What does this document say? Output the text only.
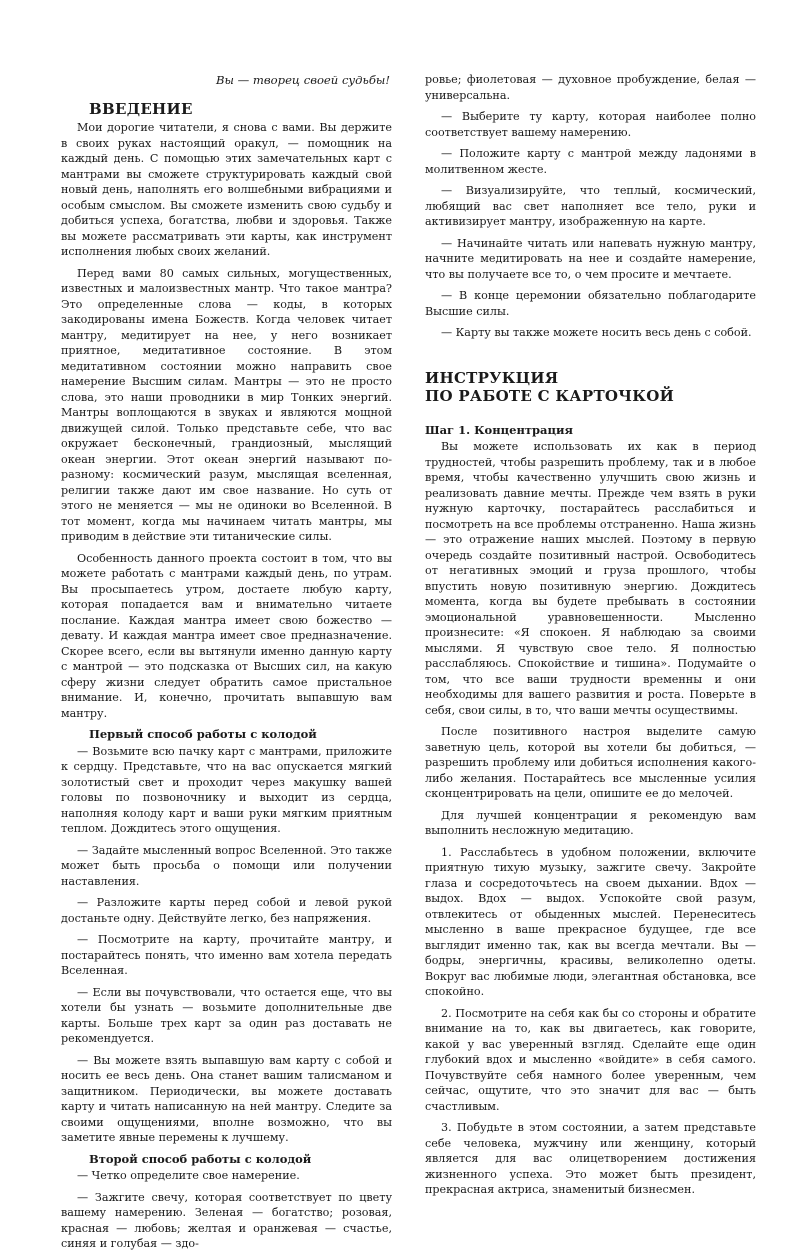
Вы — творец своей судьбы!
ВВЕДЕНИЕ

Мои дорогие читатели, я снова с вами. Вы держите в своих руках настоящий оракул, — помощник на каждый день. С помощью этих замечательных карт с мантрами вы сможете структурировать каждый свой новый день, наполнять его волшебными вибрациями и особым смыслом. Вы сможете изменить свою судьбу и добиться успеха, богатства, любви и здоровья. Также вы можете рассматривать эти карты, как инструмент исполнения любых своих желаний.

Перед вами 80 самых сильных, могущественных, известных и малоизвестных мантр. Что такое мантра? Это определенные слова — коды, в которых закодированы имена Божеств. Когда человек читает мантру, медитирует на нее, у него возникает приятное, медитативное состояние. В этом медитативном состоянии можно направить свое намерение Высшим силам. Мантры — это не просто слова, это наши проводники в мир Тонких энергий. Мантры воплощаются в звуках и являются мощной движущей силой. Только представьте себе, что вас окружает бесконечный, грандиозный, мыслящий океан энергии. Этот океан энергий называют по-разному: космический разум, мыслящая вселенная, религии также дают им свое название. Но суть от этого не меняется — мы не одиноки во Вселенной. В тот момент, когда мы начинаем читать мантры, мы приводим в действие эти титанические силы.

Особенность данного проекта состоит в том, что вы можете работать с мантрами каждый день, по утрам. Вы просыпаетесь утром, достаете любую карту, которая попадается вам и внимательно читаете послание. Каждая мантра имеет свою божество — девату. И каждая мантра имеет свое предназначение. Скорее всего, если вы вытянули именно данную карту с мантрой — это подсказка от Высших сил, на какую сферу жизни следует обратить самое пристальное внимание. И, конечно, прочитать выпавшую вам мантру.

Первый способ работы с колодой

— Возьмите всю пачку карт с мантрами, приложите к сердцу. Представьте, что на вас опускается мягкий золотистый свет и проходит через макушку вашей головы по позвоночнику и выходит из сердца, наполняя колоду карт и ваши руки мягким приятным теплом. Дождитесь этого ощущения.

— Задайте мысленный вопрос Вселенной. Это также может быть просьба о помощи или получении наставления.

— Разложите карты перед собой и левой рукой достаньте одну. Действуйте легко, без напряжения.

— Посмотрите на карту, прочитайте мантру, и постарайтесь понять, что именно вам хотела передать Вселенная.

— Если вы почувствовали, что остается еще, что вы хотели бы узнать — возьмите дополнительные две карты. Больше трех карт за один раз доставать не рекомендуется.

— Вы можете взять выпавшую вам карту с собой и носить ее весь день. Она станет вашим талисманом и защитником. Периодически, вы можете доставать карту и читать написанную на ней мантру. Следите за своими ощущениями, вполне возможно, что вы заметите явные перемены к лучшему.

Второй способ работы с колодой

— Четко определите свое намерение.

— Зажгите свечу, которая соответствует по цвету вашему намерению. Зеленая — богатство; розовая, красная — любовь; желтая и оранжевая — счастье, синяя и голубая — здо-

ровье; фиолетовая — духовное пробуждение, белая — универсальна.

— Выберите ту карту, которая наиболее полно соответствует вашему намерению.

— Положите карту с мантрой между ладонями в молитвенном жесте.

— Визуализируйте, что теплый, космический, любящий вас свет наполняет все тело, руки и активизирует мантру, изображенную на карте.

— Начинайте читать или напевать нужную мантру, начните медитировать на нее и создайте намерение, что вы получаете все то, о чем просите и мечтаете.

— В конце церемонии обязательно поблагодарите Высшие силы.

— Карту вы также можете носить весь день с собой.

ИНСТРУКЦИЯ
ПО РАБОТЕ С КАРТОЧКОЙ
Шаг 1. Концентрация

Вы можете использовать их как в период трудностей, чтобы разрешить проблему, так и в любое время, чтобы качественно улучшить свою жизнь и реализовать давние мечты. Прежде чем взять в руки нужную карточку, постарайтесь расслабиться и посмотреть на все проблемы отстраненно. Наша жизнь — это отражение наших мыслей. Поэтому в первую очередь создайте позитивный настрой. Освободитесь от негативных эмоций и груза прошлого, чтобы впустить новую позитивную энергию. Дождитесь момента, когда вы будете пребывать в состоянии эмоциональной уравновешенности. Мысленно произнесите: «Я спокоен. Я наблюдаю за своими мыслями. Я чувствую свое тело. Я полностью расслабляюсь. Спокойствие и тишина». Подумайте о том, что все ваши трудности временны и они необходимы для вашего развития и роста. Поверьте в себя, свои силы, в то, что ваши мечты осуществимы.

После позитивного настроя выделите самую заветную цель, которой вы хотели бы добиться, — разрешить проблему или добиться исполнения какого-либо желания. Постарайтесь все мысленные усилия сконцентрировать на цели, опишите ее до мелочей.

Для лучшей концентрации я рекомендую вам выполнить несложную медитацию.

1. Расслабьтесь в удобном положении, включите приятную тихую музыку, зажгите свечу. Закройте глаза и сосредоточьтесь на своем дыхании. Вдох — выдох. Вдох — выдох. Успокойте свой разум, отвлекитесь от обыденных мыслей. Перенеситесь мысленно в ваше прекрасное будущее, где все выглядит именно так, как вы всегда мечтали. Вы — бодры, энергичны, красивы, великолепно одеты. Вокруг вас любимые люди, элегантная обстановка, все спокойно.

2. Посмотрите на себя как бы со стороны и обратите внимание на то, как вы двигаетесь, как говорите, какой у вас уверенный взгляд. Сделайте еще один глубокий вдох и мысленно «войдите» в себя самого. Почувствуйте себя намного более уверенным, чем сейчас, ощутите, что это значит для вас — быть счастливым.

3. Побудьте в этом состоянии, а затем представьте себе человека, мужчину или женщину, который является для вас олицетворением достижения жизненного успеха. Это может быть президент, прекрасная актриса, знаменитый бизнесмен.
